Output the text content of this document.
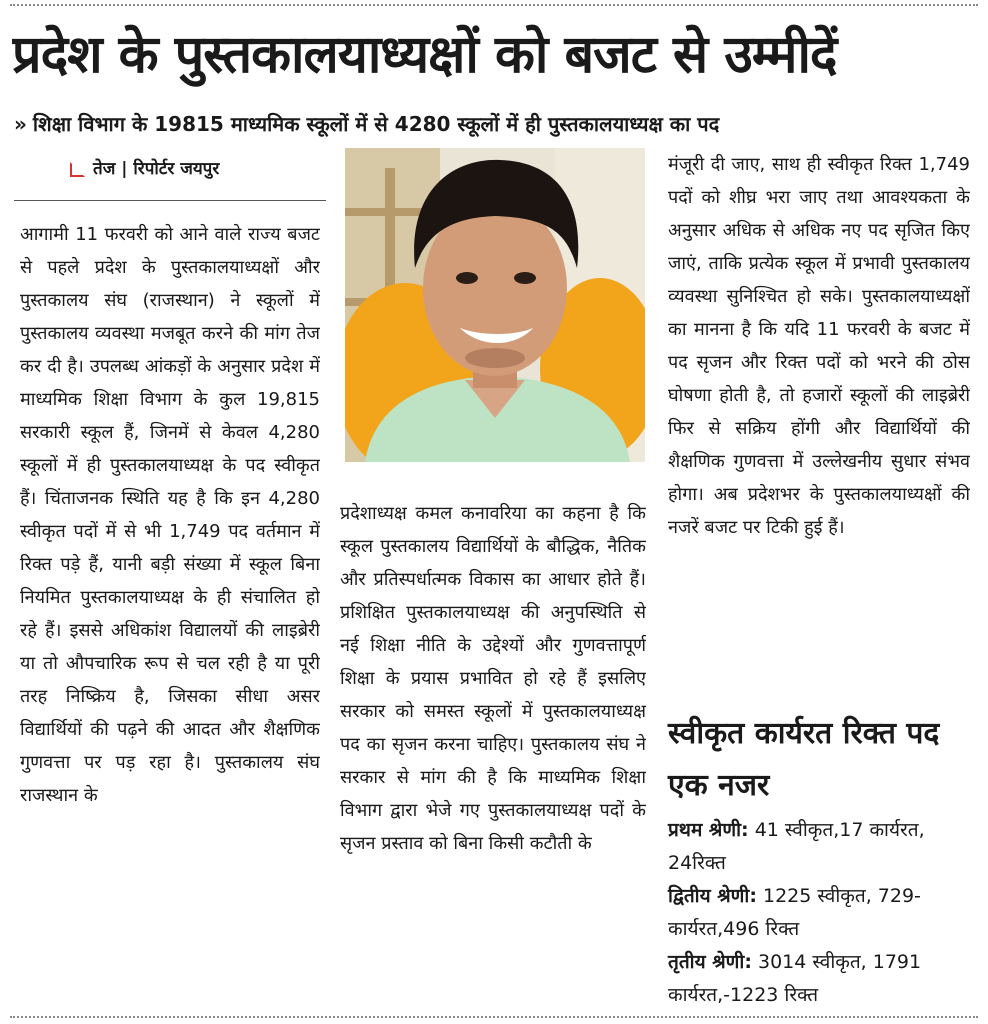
प्रदेश के पुस्तकालयाध्यक्षों को बजट से उम्मीदें
» शिक्षा विभाग के 19815 माध्यमिक स्कूलों में से 4280 स्कूलों में ही पुस्तकालयाध्यक्ष का पद
तेज | रिपोर्टर जयपुर
आगामी 11 फरवरी को आने वाले राज्य बजट से पहले प्रदेश के पुस्तकालयाध्यक्षों और पुस्तकालय संघ (राजस्थान) ने स्कूलों में पुस्तकालय व्यवस्था मजबूत करने की मांग तेज कर दी है। उपलब्ध आंकड़ों के अनुसार प्रदेश में माध्यमिक शिक्षा विभाग के कुल 19,815 सरकारी स्कूल हैं, जिनमें से केवल 4,280 स्कूलों में ही पुस्तकालयाध्यक्ष के पद स्वीकृत हैं। चिंताजनक स्थिति यह है कि इन 4,280 स्वीकृत पदों में से भी 1,749 पद वर्तमान में रिक्त पड़े हैं, यानी बड़ी संख्या में स्कूल बिना नियमित पुस्तकालयाध्यक्ष के ही संचालित हो रहे हैं। इससे अधिकांश विद्यालयों की लाइब्रेरी या तो औपचारिक रूप से चल रही है या पूरी तरह निष्क्रिय है, जिसका सीधा असर विद्यार्थियों की पढ़ने की आदत और शैक्षणिक गुणवत्ता पर पड़ रहा है। पुस्तकालय संघ राजस्थान के
प्रदेशाध्यक्ष कमल कनावरिया का कहना है कि स्कूल पुस्तकालय विद्यार्थियों के बौद्धिक, नैतिक और प्रतिस्पर्धात्मक विकास का आधार होते हैं। प्रशिक्षित पुस्तकालयाध्यक्ष की अनुपस्थिति से नई शिक्षा नीति के उद्देश्यों और गुणवत्तापूर्ण शिक्षा के प्रयास प्रभावित हो रहे हैं इसलिए सरकार को समस्त स्कूलों में पुस्तकालयाध्यक्ष पद का सृजन करना चाहिए। पुस्तकालय संघ ने सरकार से मांग की है कि माध्यमिक शिक्षा विभाग द्वारा भेजे गए पुस्तकालयाध्यक्ष पदों के सृजन प्रस्ताव को बिना किसी कटौती के
मंजूरी दी जाए, साथ ही स्वीकृत रिक्त 1,749 पदों को शीघ्र भरा जाए तथा आवश्यकता के अनुसार अधिक से अधिक नए पद सृजित किए जाएं, ताकि प्रत्येक स्कूल में प्रभावी पुस्तकालय व्यवस्था सुनिश्चित हो सके। पुस्तकालयाध्यक्षों का मानना है कि यदि 11 फरवरी के बजट में पद सृजन और रिक्त पदों को भरने की ठोस घोषणा होती है, तो हजारों स्कूलों की लाइब्रेरी फिर से सक्रिय होंगी और विद्यार्थियों की शैक्षणिक गुणवत्ता में उल्लेखनीय सुधार संभव होगा। अब प्रदेशभर के पुस्तकालयाध्यक्षों की नजरें बजट पर टिकी हुई हैं।
स्वीकृत कार्यरत रिक्त पद एक नजर
प्रथम श्रेणी: 41 स्वीकृत,17 कार्यरत, 24रिक्त
द्वितीय श्रेणी: 1225 स्वीकृत, 729-कार्यरत,496 रिक्त
तृतीय श्रेणी: 3014 स्वीकृत, 1791 कार्यरत,-1223 रिक्त
